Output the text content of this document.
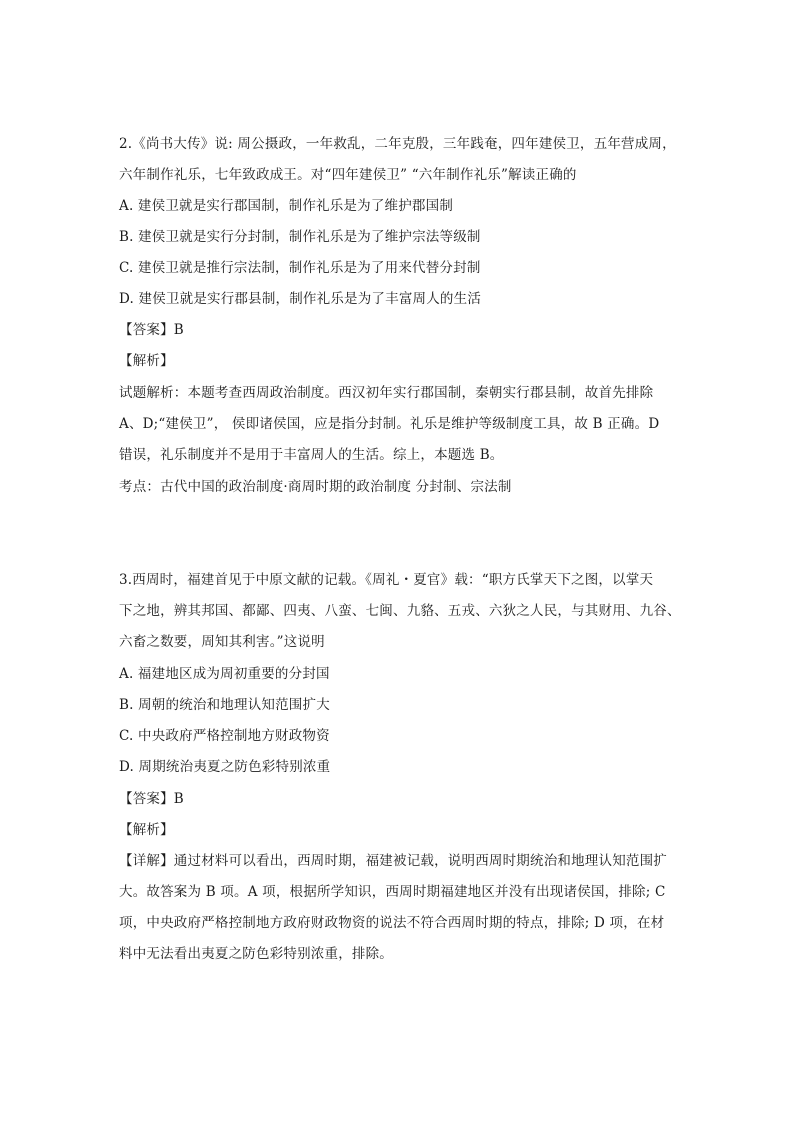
2.《尚书大传》说: 周公摄政，一年救乱，二年克殷，三年践奄，四年建侯卫，五年营成周，
六年制作礼乐，七年致政成王。对“四年建侯卫” “六年制作礼乐”解读正确的
A. 建侯卫就是实行郡国制，制作礼乐是为了维护郡国制
B. 建侯卫就是实行分封制，制作礼乐是为了维护宗法等级制
C. 建侯卫就是推行宗法制，制作礼乐是为了用来代替分封制
D. 建侯卫就是实行郡县制，制作礼乐是为了丰富周人的生活
【答案】B
【解析】
试题解析：本题考查西周政治制度。西汉初年实行郡国制，秦朝实行郡县制，故首先排除
A、D;“建侯卫”， 侯即诸侯国，应是指分封制。礼乐是维护等级制度工具，故 B 正确。D
错误，礼乐制度并不是用于丰富周人的生活。综上，本题选 B。
考点：古代中国的政治制度·商周时期的政治制度 分封制、宗法制
3.西周时，福建首见于中原文献的记载。《周礼・夏官》载：“职方氏掌天下之图，以掌天
下之地，辨其邦国、都鄙、四夷、八蛮、七闽、九貉、五戎、六狄之人民，与其财用、九谷、
六畜之数要，周知其利害。”这说明
A. 福建地区成为周初重要的分封国
B. 周朝的统治和地理认知范围扩大
C. 中央政府严格控制地方财政物资
D. 周期统治夷夏之防色彩特别浓重
【答案】B
【解析】
【详解】通过材料可以看出，西周时期，福建被记载，说明西周时期统治和地理认知范围扩
大。故答案为 B 项。A 项，根据所学知识，西周时期福建地区并没有出现诸侯国，排除; C
项，中央政府严格控制地方政府财政物资的说法不符合西周时期的特点，排除; D 项，在材
料中无法看出夷夏之防色彩特别浓重，排除。
